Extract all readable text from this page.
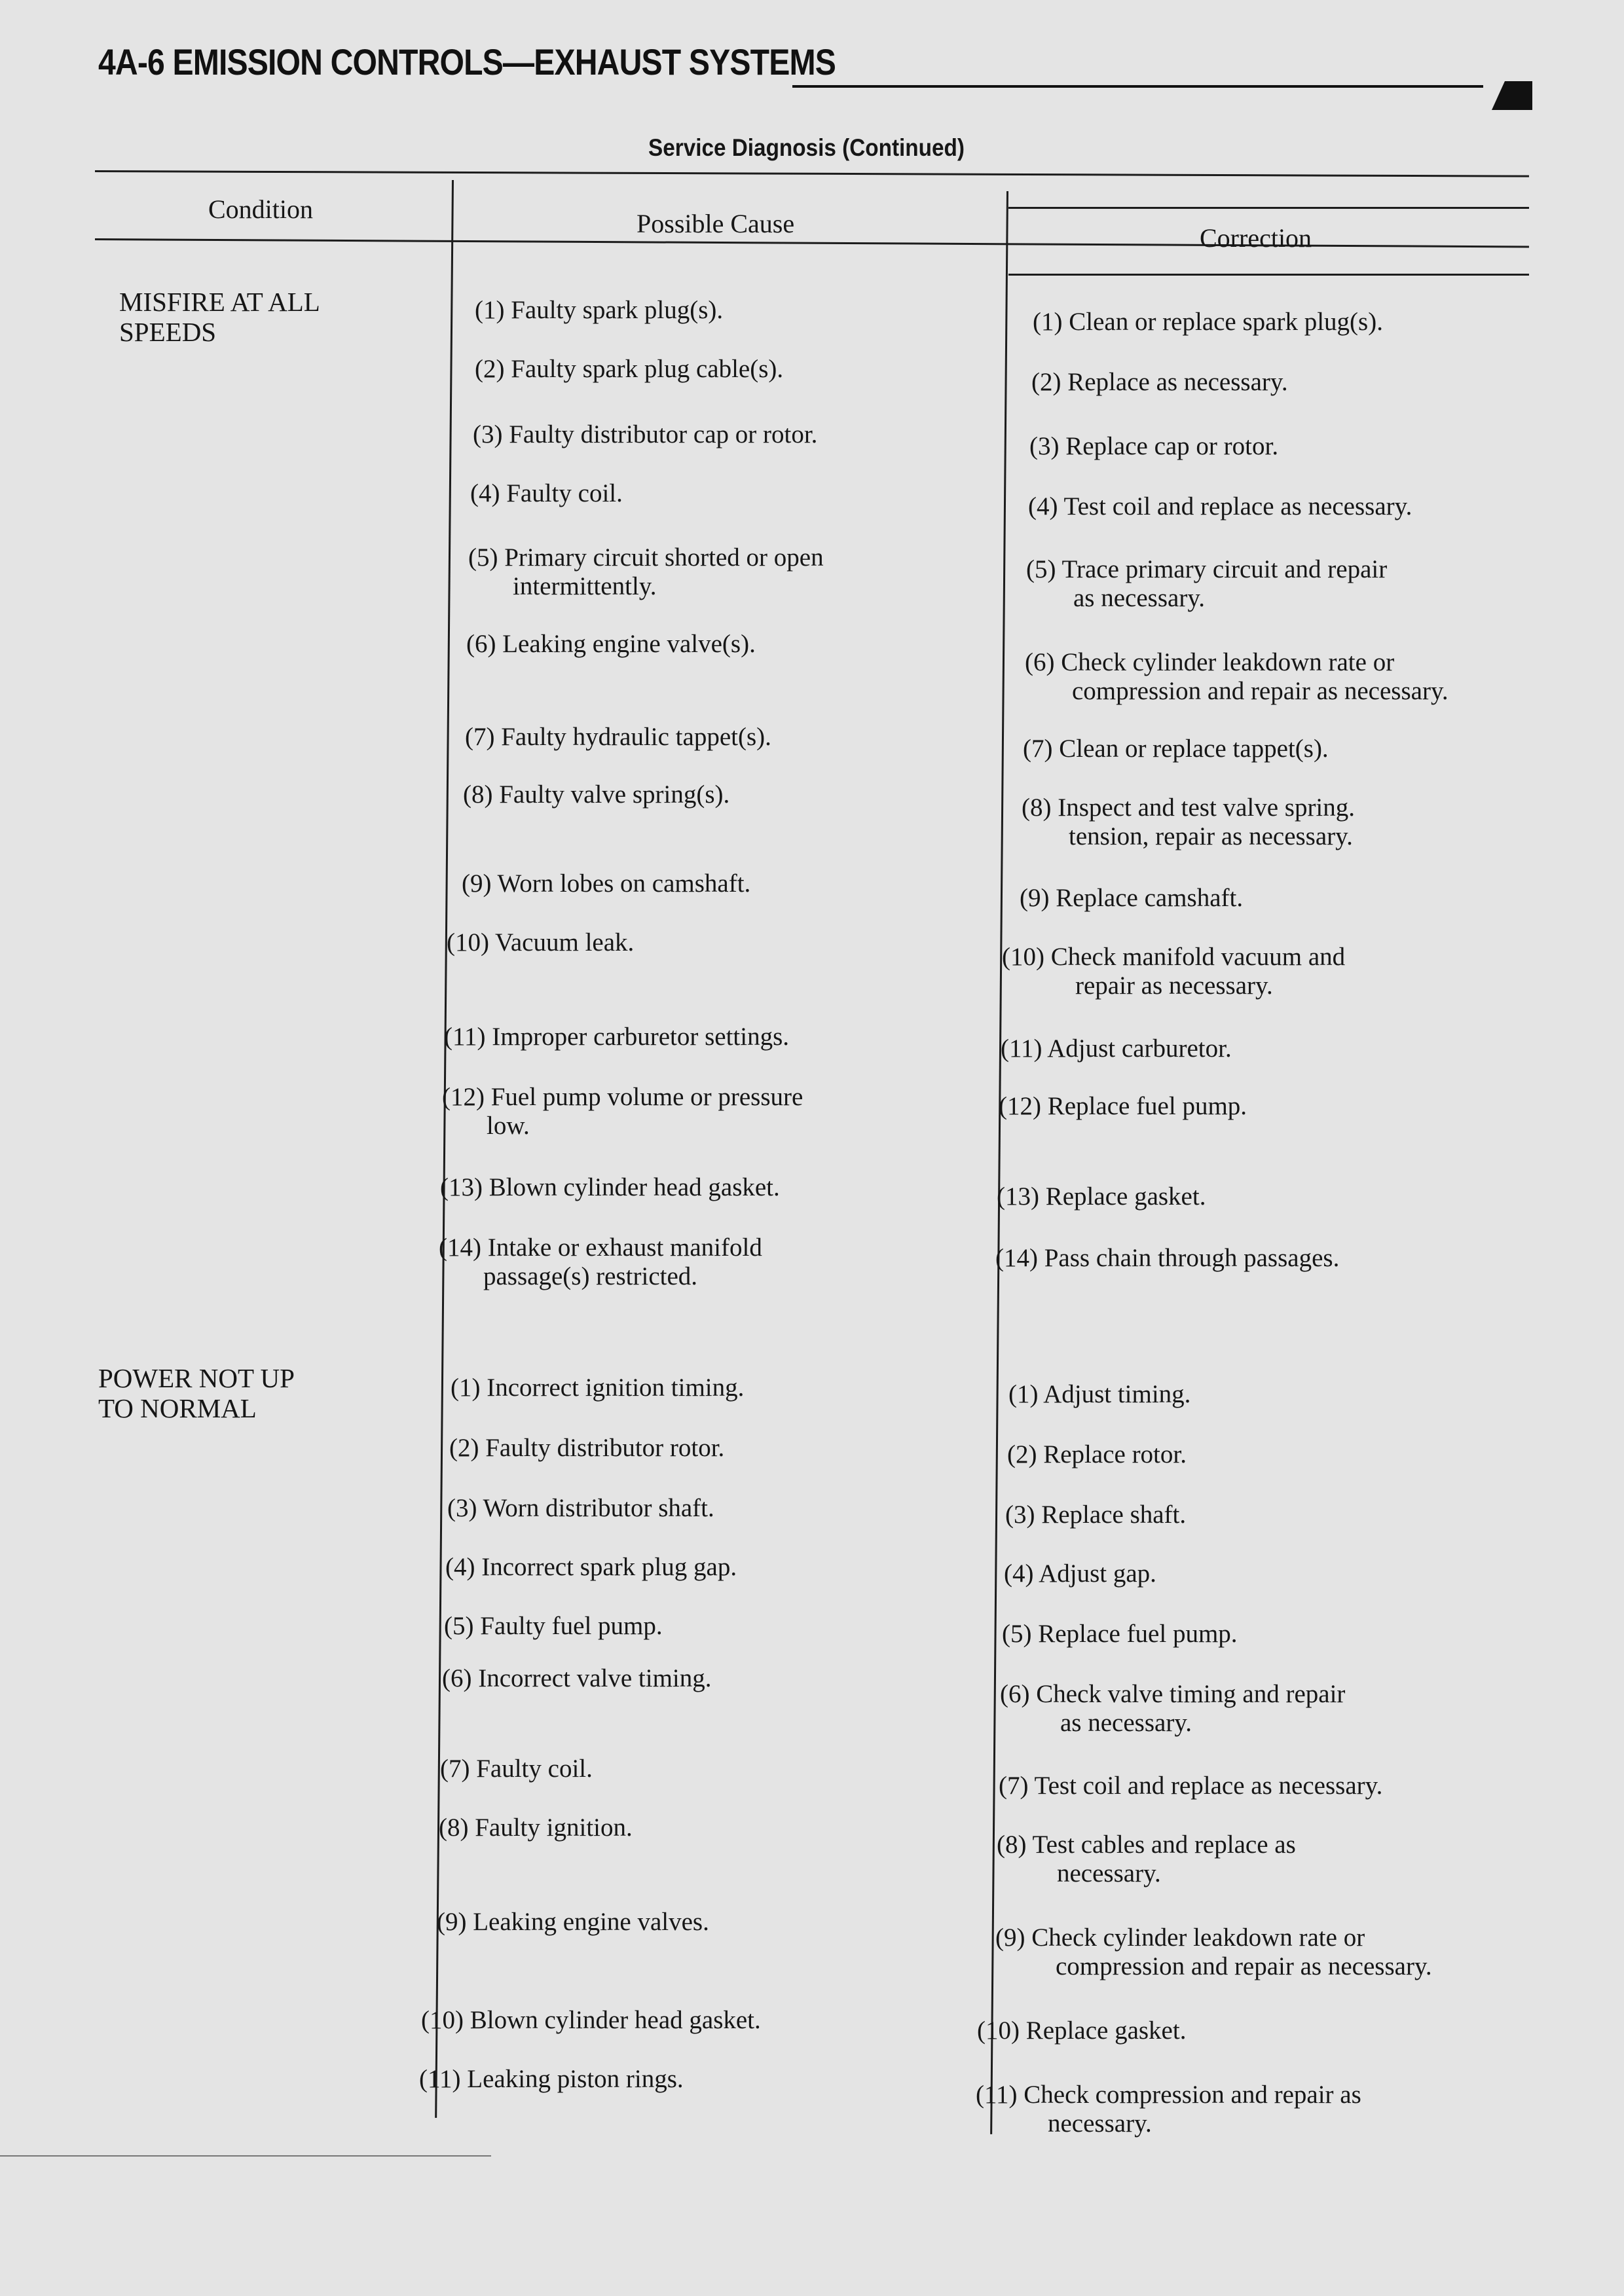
4A-6 EMISSION CONTROLS—EXHAUST SYSTEMS
Service Diagnosis (Continued)
Condition	Possible Cause	Correction
MISFIRE AT ALL
SPEEDS
POWER NOT UP
TO NORMAL
(1) Faulty spark plug(s).
(2) Faulty spark plug cable(s).
(3) Faulty distributor cap or rotor.
(4) Faulty coil.
(5) Primary circuit shorted or open
intermittently.
(6) Leaking engine valve(s).
(7) Faulty hydraulic tappet(s).
(8) Faulty valve spring(s).
(9) Worn lobes on camshaft.
(10) Vacuum leak.
(11) Improper carburetor settings.
(12) Fuel pump volume or pressure
low.
(13) Blown cylinder head gasket.
(14) Intake or exhaust manifold
passage(s) restricted.
(1) Clean or replace spark plug(s).
(2) Replace as necessary.
(3) Replace cap or rotor.
(4) Test coil and replace as necessary.
(5) Trace primary circuit and repair
as necessary.
(6) Check cylinder leakdown rate or
compression and repair as necessary.
(7) Clean or replace tappet(s).
(8) Inspect and test valve spring.
tension, repair as necessary.
(9) Replace camshaft.
(10) Check manifold vacuum and
repair as necessary.
(11) Adjust carburetor.
(12) Replace fuel pump.
(13) Replace gasket.
(14) Pass chain through passages.
(1) Incorrect ignition timing.
(2) Faulty distributor rotor.
(3) Worn distributor shaft.
(4) Incorrect spark plug gap.
(5) Faulty fuel pump.
(6) Incorrect valve timing.
(7) Faulty coil.
(8) Faulty ignition.
(9) Leaking engine valves.
(10) Blown cylinder head gasket.
(11) Leaking piston rings.
(1) Adjust timing.
(2) Replace rotor.
(3) Replace shaft.
(4) Adjust gap.
(5) Replace fuel pump.
(6) Check valve timing and repair
as necessary.
(7) Test coil and replace as necessary.
(8) Test cables and replace as
necessary.
(9) Check cylinder leakdown rate or
compression and repair as necessary.
(10) Replace gasket.
(11) Check compression and repair as
necessary.
